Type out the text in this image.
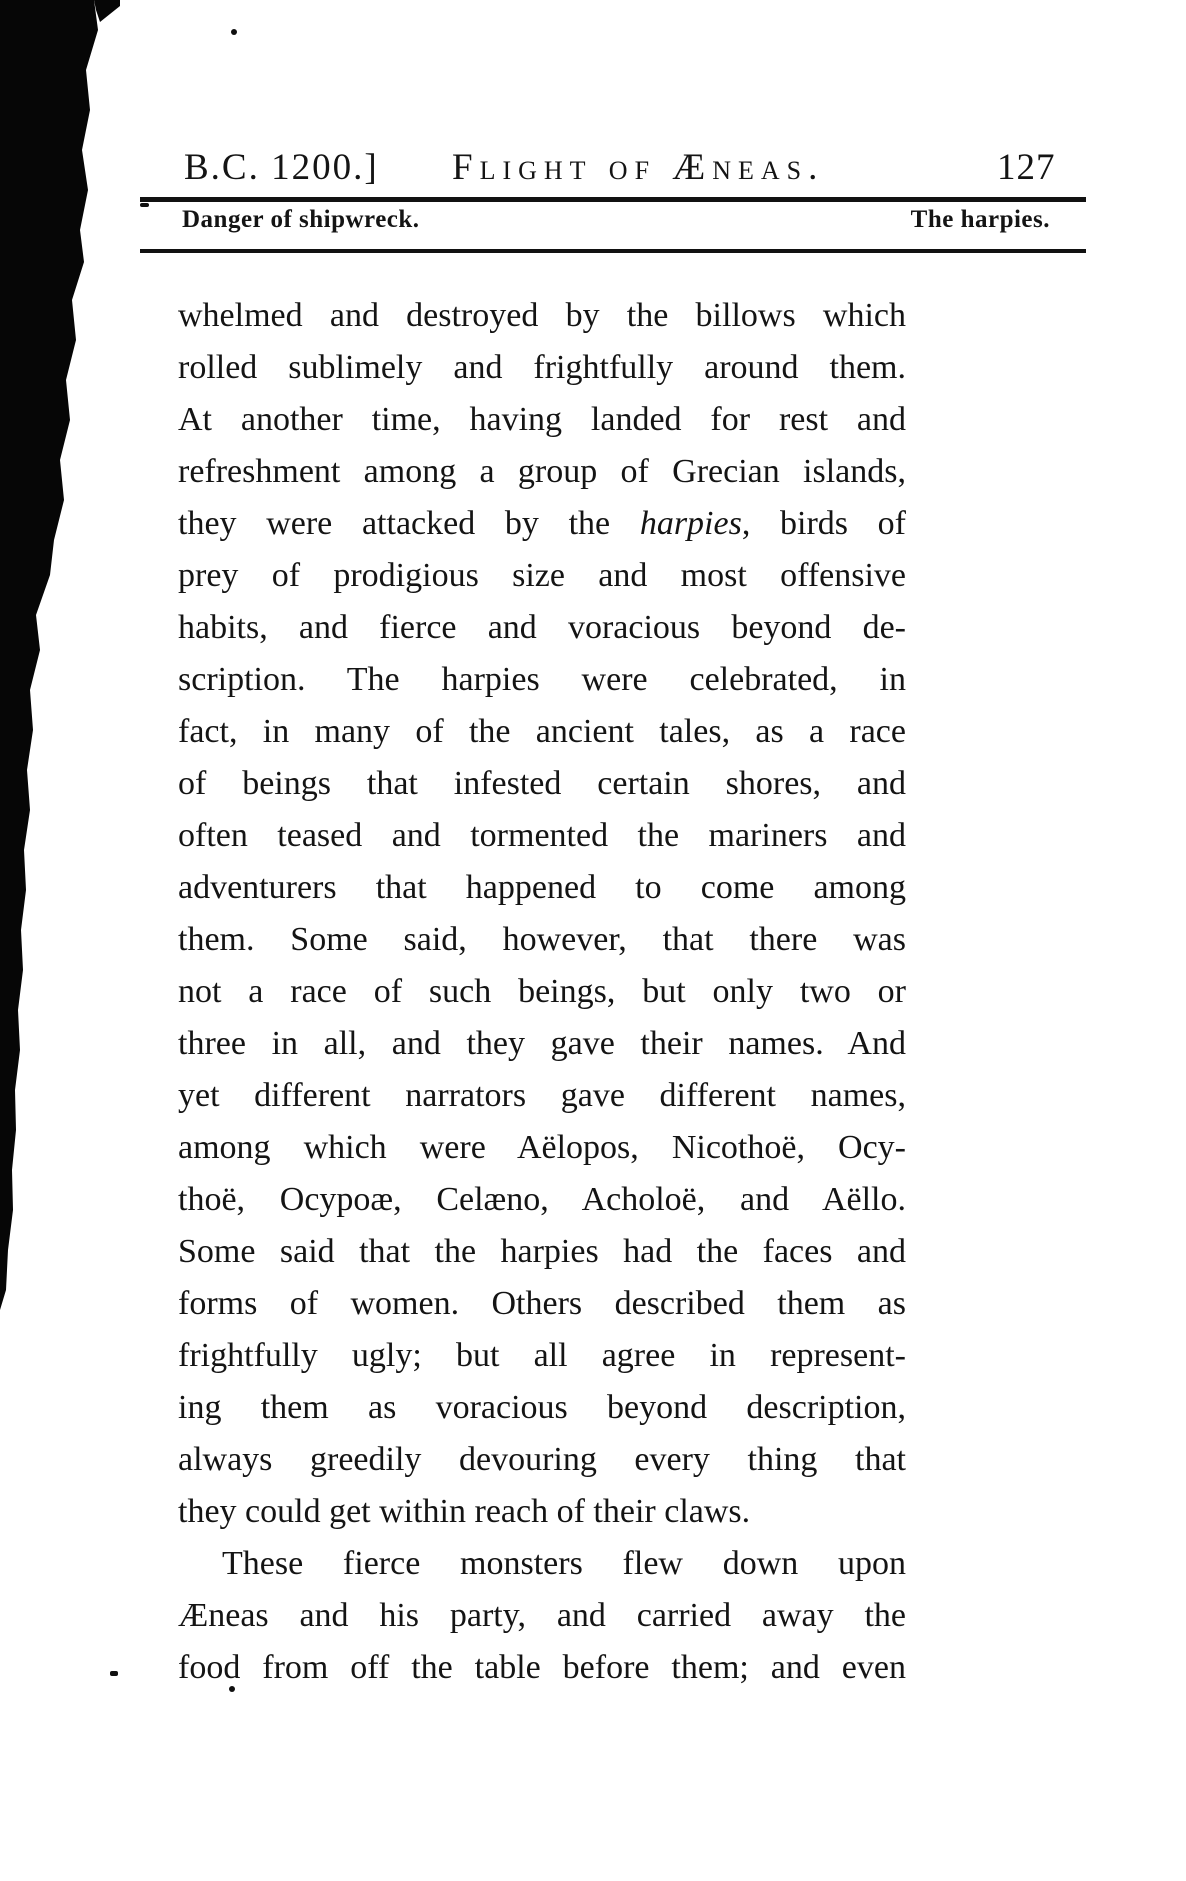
B.C. 1200.] Flight of Æneas.	127
Danger of shipwreck.	The harpies.
whelmed and destroyed by the billows which
rolled sublimely and frightfully around them.
At another time, having landed for rest and
refreshment among a group of Grecian islands,
they were attacked by the harpies, birds of
prey of prodigious size and most offensive
habits, and fierce and voracious beyond de-
scription. The harpies were celebrated, in
fact, in many of the ancient tales, as a race
of beings that infested certain shores, and
often teased and tormented the mariners and
adventurers that happened to come among
them. Some said, however, that there was
not a race of such beings, but only two or
three in all, and they gave their names. And
yet different narrators gave different names,
among which were Aëlopos, Nicothoë, Ocy-
thoë, Ocypoæ, Celæno, Acholoë, and Aëllo.
Some said that the harpies had the faces and
forms of women. Others described them as
frightfully ugly; but all agree in represent-
ing them as voracious beyond description,
always greedily devouring every thing that
they could get within reach of their claws.
These fierce monsters flew down upon
Æneas and his party, and carried away the
food from off the table before them; and even
